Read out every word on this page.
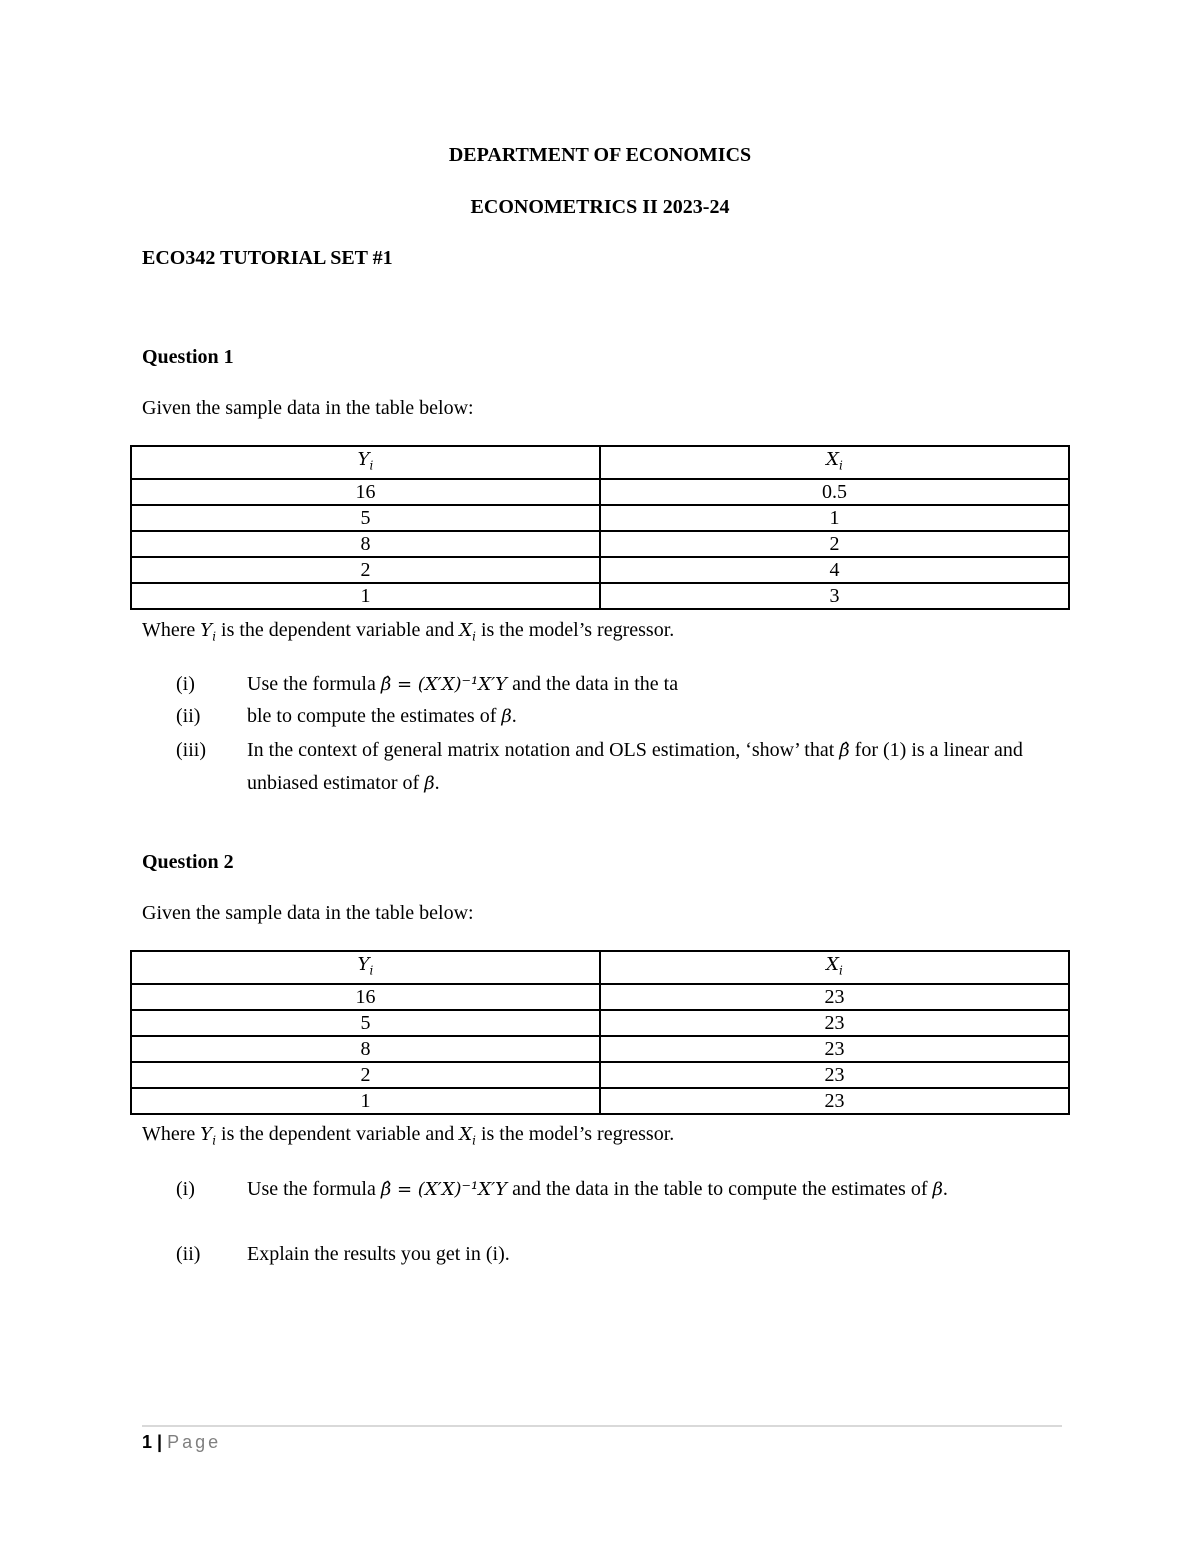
DEPARTMENT OF ECONOMICS
ECONOMETRICS II 2023-24
ECO342 TUTORIAL SET #1
Question 1
Given the sample data in the table below:
$Y_i$	$X_i$
16	0.5
5	1
8	2
2	4
1	3
Where $Y_i$ is the dependent variable and $X_i$ is the model’s regressor.
(i)	Use the formula β̂ = (X′X)⁻¹X′Y and the data in the ta
(ii) ble to compute the estimates of β.
(iii) In the context of general matrix notation and OLS estimation, ‘show’ that β̂ for (1) is a linear and unbiased estimator of β.
Question 2
Given the sample data in the table below:
$Y_i$	$X_i$
16	23
5	23
8	23
2	23
1	23
Where $Y_i$ is the dependent variable and $X_i$ is the model’s regressor.
(i)	Use the formula β̂ = (X′X)⁻¹X′Y and the data in the table to compute the estimates of β.
(ii) Explain the results you get in (i).
1 | Page
